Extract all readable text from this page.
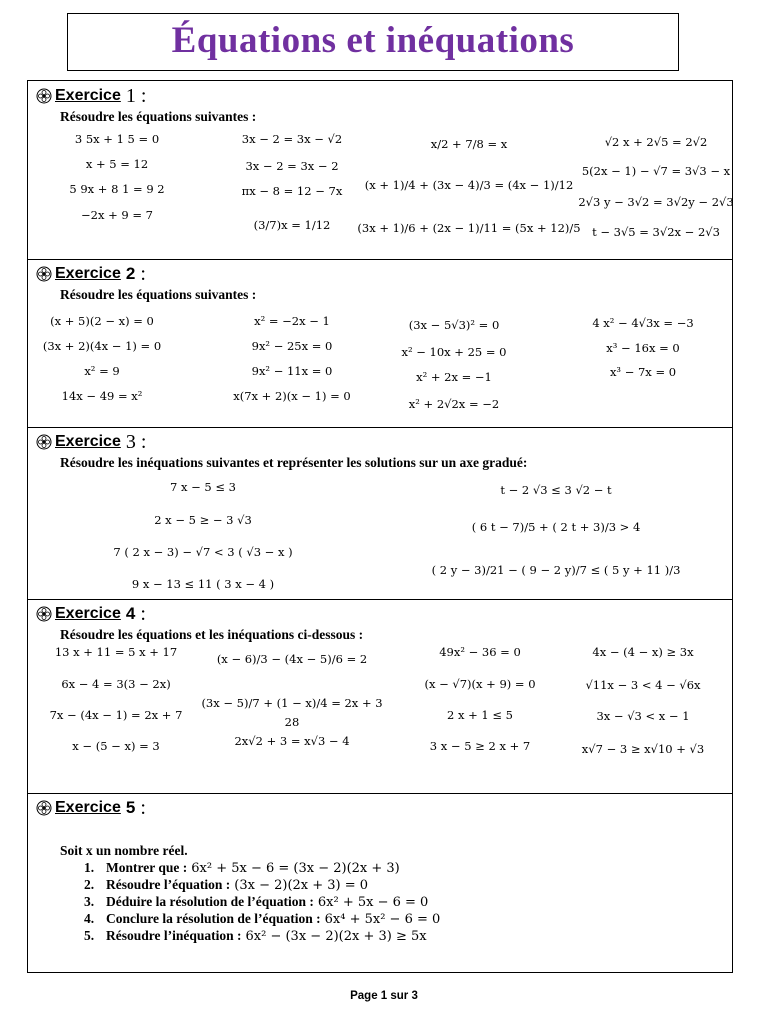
Équations et inéquations
Exercice 1 :
Résoudre les équations suivantes :
3 5x + 1 5 = 0
x + 5 = 12
5 9x + 8 1 = 9 2
−2x + 9 = 7
3x − 2 = 3x − √2
3x − 2 = 3x − 2
πx − 8 = 12 − 7x
(3/7)x = 1/12
x/2 + 7/8 = x
(x + 1)/4 + (3x − 4)/3 = (4x − 1)/12
(3x + 1)/6 + (2x − 1)/11 = (5x + 12)/5
√2 x + 2√5 = 2√2
5(2x − 1) − √7 = 3√3 − x
2√3 y − 3√2 = 3√2y − 2√3
t − 3√5 = 3√2x − 2√3
Exercice 2 :
Résoudre les équations suivantes :
(x + 5)(2 − x) = 0
(3x + 2)(4x − 1) = 0
x² = 9
14x − 49 = x²
x² = −2x − 1
9x² − 25x = 0
9x² − 11x = 0
x(7x + 2)(x − 1) = 0
(3x − 5√3)² = 0
x² − 10x + 25 = 0
x² + 2x = −1
x² + 2√2x = −2
4 x² − 4√3x = −3
x³ − 16x = 0
x³ − 7x = 0
Exercice 3 :
Résoudre les inéquations suivantes et représenter les solutions sur un axe gradué:
7 x − 5 ≤ 3
2 x − 5 ≥ − 3 √3
7 ( 2 x − 3) − √7 < 3 ( √3 − x )
9 x − 13 ≤ 11 ( 3 x − 4 )
t − 2 √3 ≤ 3 √2 − t
( 6 t − 7)/5 + ( 2 t + 3)/3 > 4
( 2 y − 3)/21 − ( 9 − 2 y)/7 ≤ ( 5 y + 11 )/3
Exercice 4 :
Résoudre les équations et les inéquations ci-dessous :
13 x + 11 = 5 x + 17
6x − 4 = 3(3 − 2x)
7x − (4x − 1) = 2x + 7
x − (5 − x) = 3
(x − 6)/3 − (4x − 5)/6 = 2
(3x − 5)/7 + (1 − x)/4 = 2x + 3
28
2x√2 + 3 = x√3 − 4
49x² − 36 = 0
(x − √7)(x + 9) = 0
2 x + 1 ≤ 5
3 x − 5 ≥ 2 x + 7
4x − (4 − x) ≥ 3x
√11x − 3 < 4 − √6x
3x − √3 < x − 1
x√7 − 3 ≥ x√10 + √3
Exercice 5 :
Soit x un nombre réel.
1. Montrer que : 6x² + 5x − 6 = (3x − 2)(2x + 3)
2. Résoudre l’équation : (3x − 2)(2x + 3) = 0
3. Déduire la résolution de l’équation : 6x² + 5x − 6 = 0
4. Conclure la résolution de l’équation : 6x⁴ + 5x² − 6 = 0
5. Résoudre l’inéquation : 6x² − (3x − 2)(2x + 3) ≥ 5x
Page 1 sur 3
